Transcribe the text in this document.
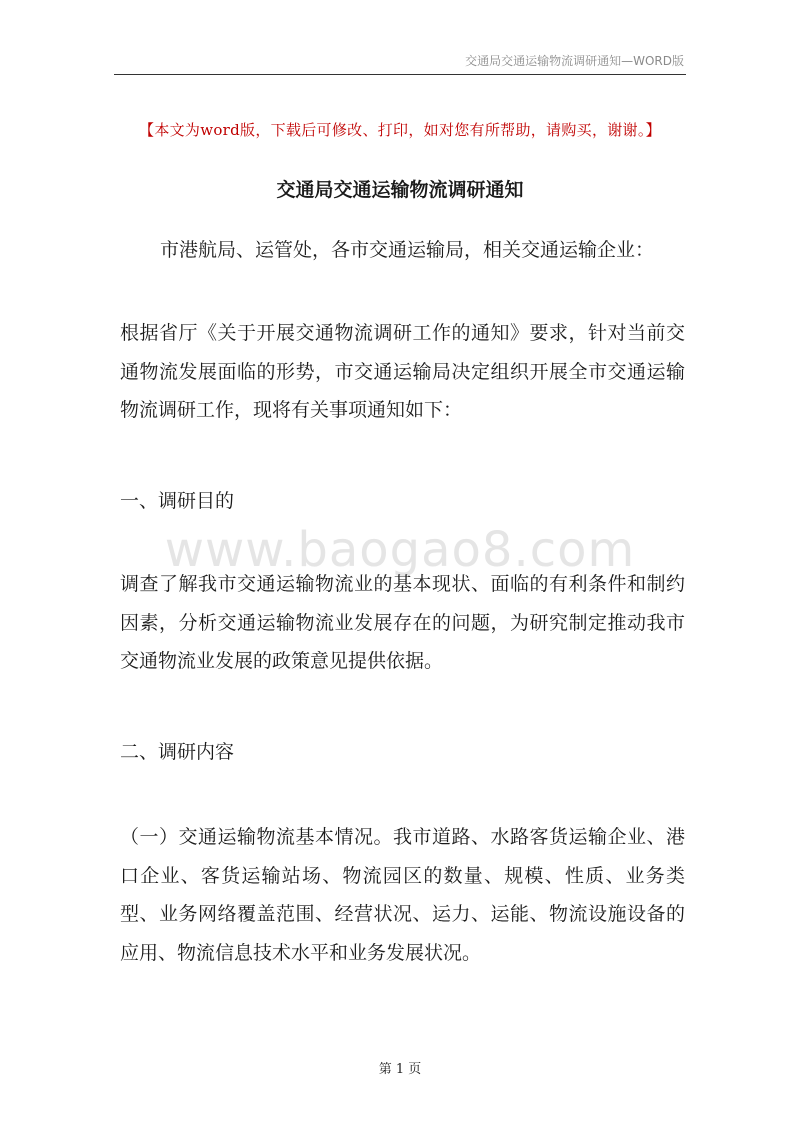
交通局交通运输物流调研通知—WORD版
【本文为word版，下载后可修改、打印，如对您有所帮助，请购买，谢谢。】
交通局交通运输物流调研通知

市港航局、运管处，各市交通运输局，相关交通运输企业：

根据省厅《关于开展交通物流调研工作的通知》要求，针对当前交通物流发展面临的形势，市交通运输局决定组织开展全市交通运输物流调研工作，现将有关事项通知如下：

一、调研目的

www.baogao8.com

调查了解我市交通运输物流业的基本现状、面临的有利条件和制约因素，分析交通运输物流业发展存在的问题，为研究制定推动我市交通物流业发展的政策意见提供依据。

二、调研内容

（一）交通运输物流基本情况。我市道路、水路客货运输企业、港口企业、客货运输站场、物流园区的数量、规模、性质、业务类型、业务网络覆盖范围、经营状况、运力、运能、物流设施设备的应用、物流信息技术水平和业务发展状况。

第 1 页
